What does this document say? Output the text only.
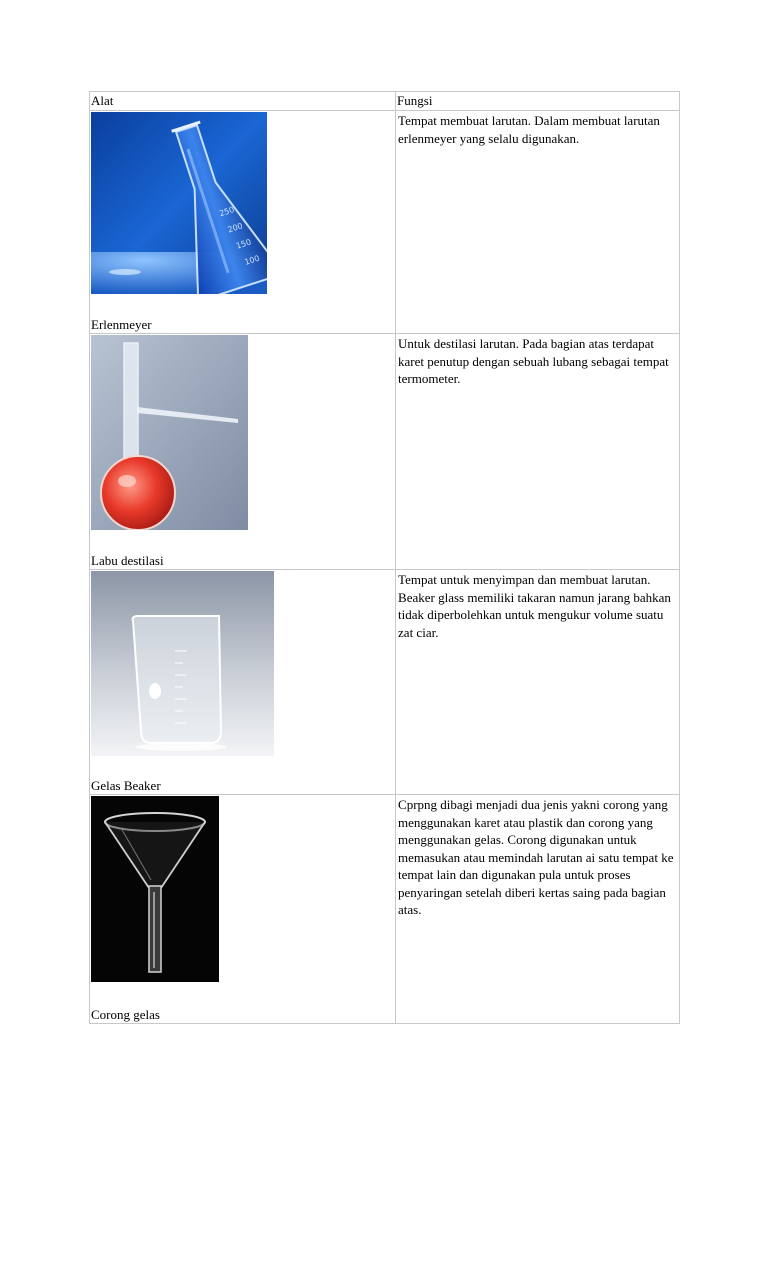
Alat	Fungsi

250
200
150
100
Erlenmeyer	Tempat membuat larutan. Dalam membuat larutan erlenmeyer yang selalu digunakan.

Labu destilasi	Untuk destilasi larutan. Pada bagian atas terdapat karet penutup dengan sebuah lubang sebagai tempat termometer.

Gelas Beaker	Tempat untuk menyimpan dan membuat larutan. Beaker glass memiliki takaran namun jarang bahkan tidak diperbolehkan untuk mengukur volume suatu zat ciar.

Corong gelas	Cprpng dibagi menjadi dua jenis yakni corong yang menggunakan karet atau plastik dan corong yang menggunakan gelas. Corong digunakan untuk memasukan atau memindah larutan ai satu tempat ke tempat lain dan digunakan pula untuk proses penyaringan setelah diberi kertas saing pada bagian atas.
